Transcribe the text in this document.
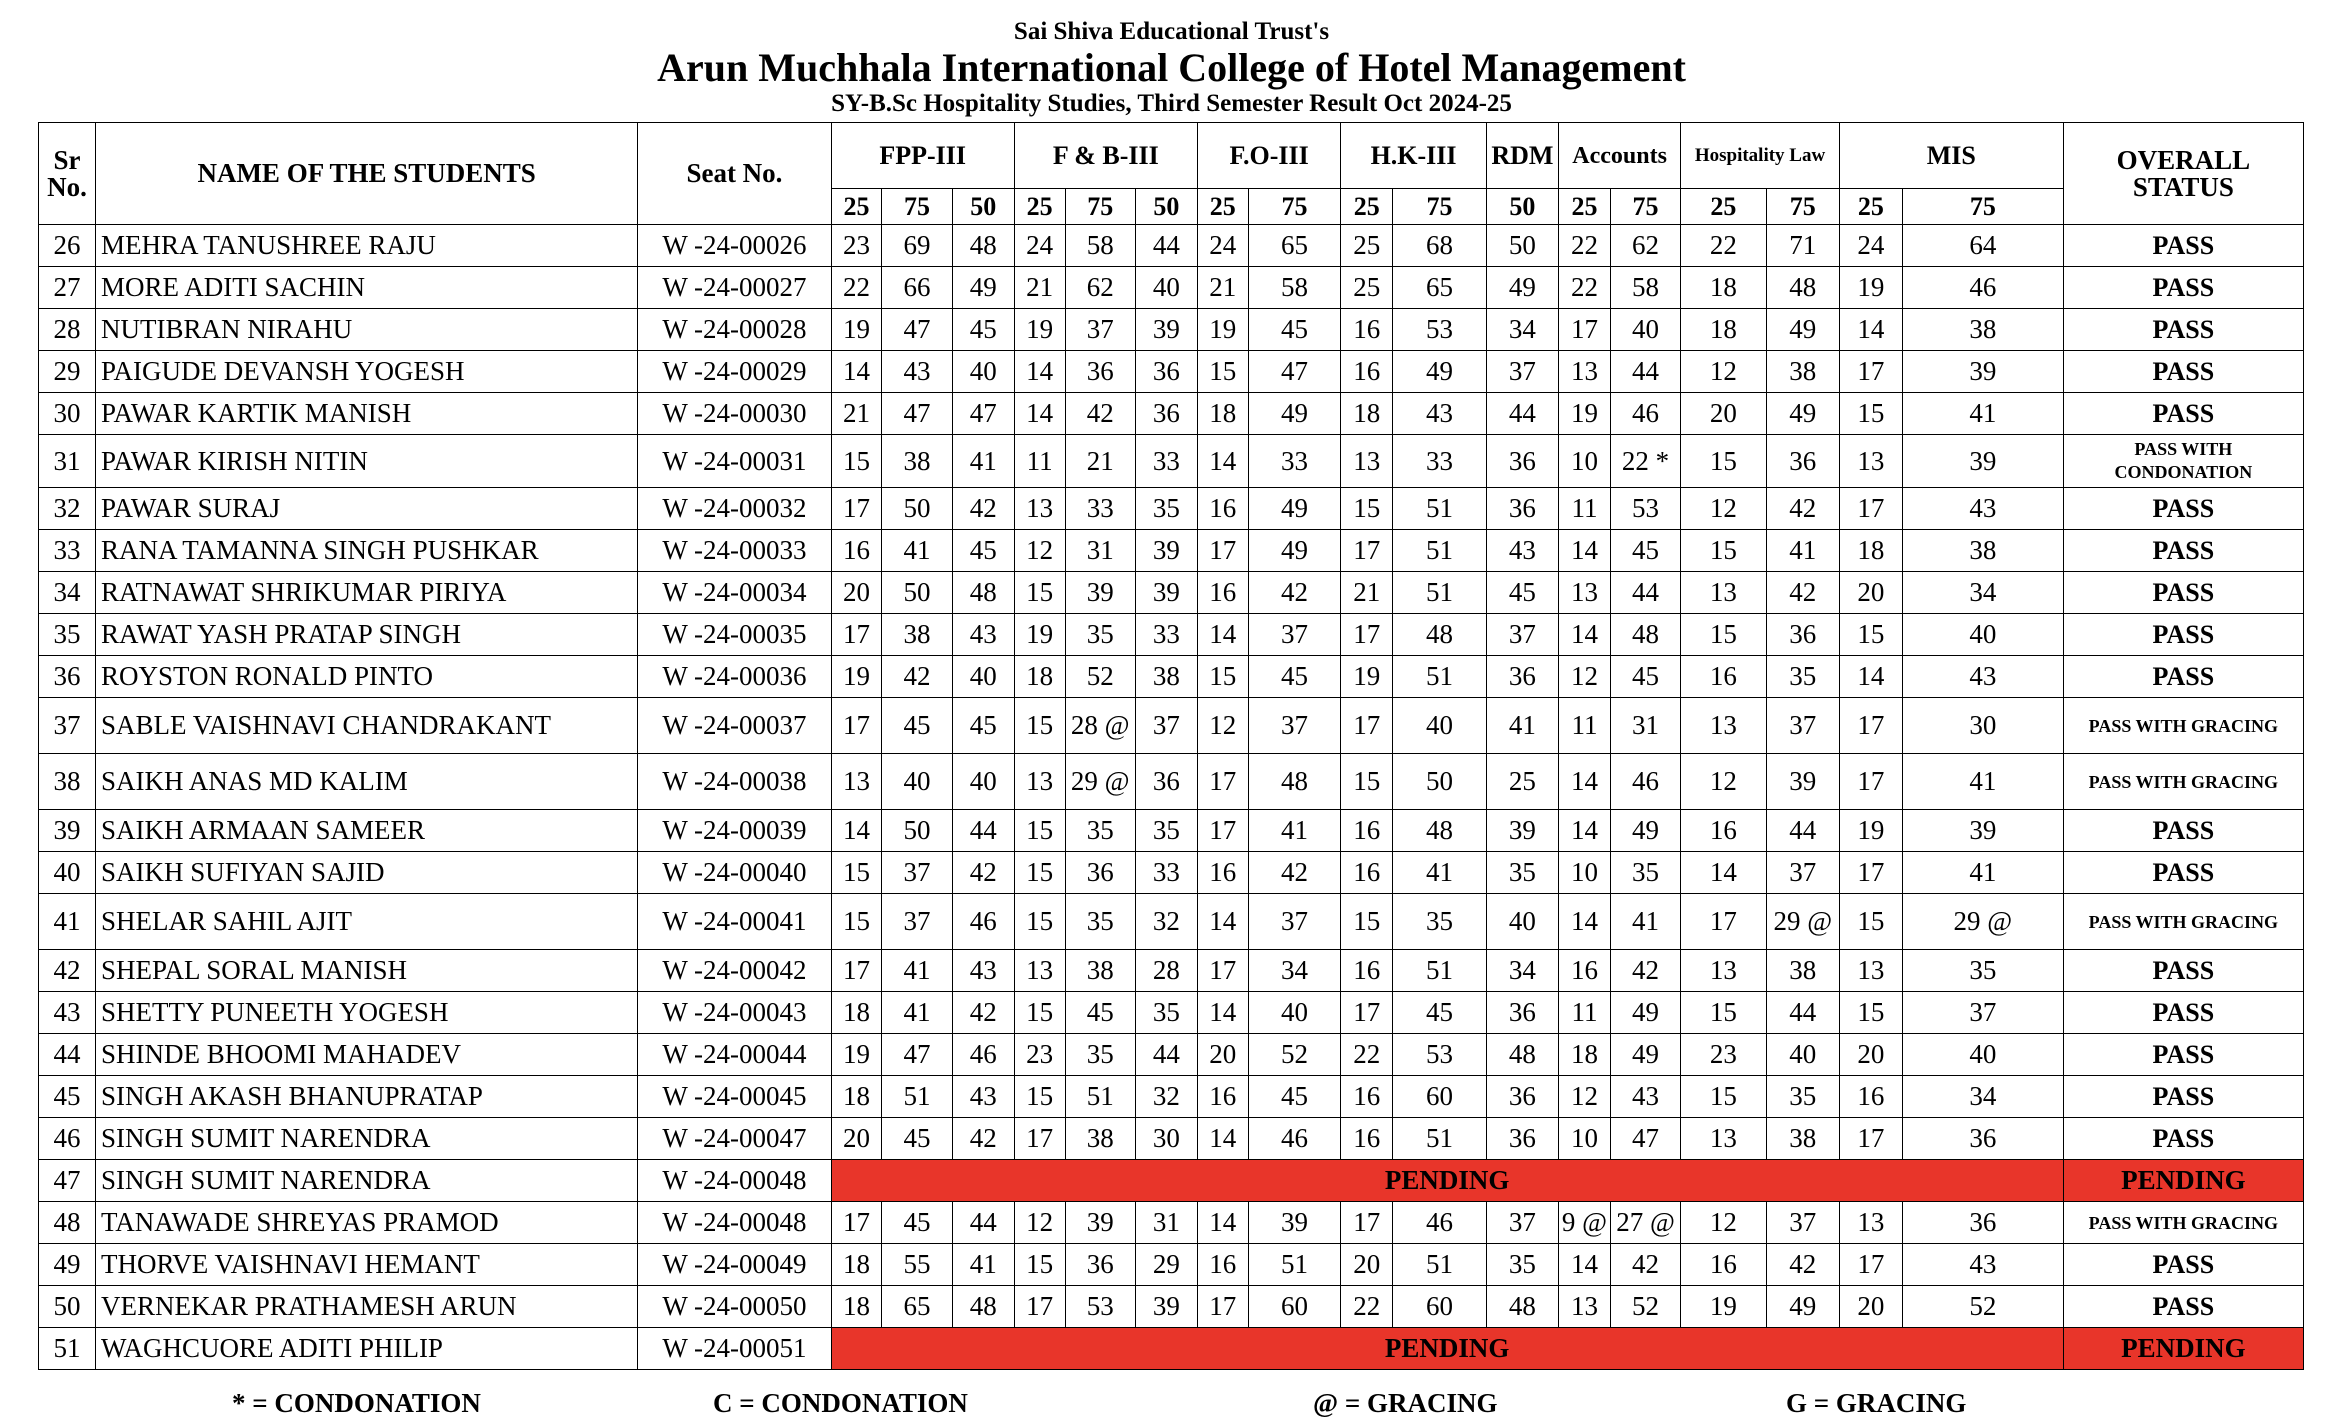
Sai Shiva Educational Trust's
Arun Muchhala International College of Hotel Management
SY-B.Sc Hospitality Studies, Third Semester Result Oct 2024-25
Sr
No.	NAME OF THE STUDENTS	Seat No.	FPP-III			F & B-III			F.O-III		H.K-III		RDM	Accounts		Hospitality Law		MIS		OVERALL
STATUS
			25	75	50	25	75	50	25	75	25	75	50	25	75	25	75	25	75	
26	MEHRA TANUSHREE RAJU	W -24-00026	23	69	48	24	58	44	24	65	25	68	50	22	62	22	71	24	64	PASS
27	MORE ADITI SACHIN	W -24-00027	22	66	49	21	62	40	21	58	25	65	49	22	58	18	48	19	46	PASS
28	NUTIBRAN NIRAHU	W -24-00028	19	47	45	19	37	39	19	45	16	53	34	17	40	18	49	14	38	PASS
29	PAIGUDE DEVANSH YOGESH	W -24-00029	14	43	40	14	36	36	15	47	16	49	37	13	44	12	38	17	39	PASS
30	PAWAR KARTIK MANISH	W -24-00030	21	47	47	14	42	36	18	49	18	43	44	19	46	20	49	15	41	PASS
31	PAWAR KIRISH NITIN	W -24-00031	15	38	41	11	21	33	14	33	13	33	36	10	22 *	15	36	13	39	PASS WITH CONDONATION
32	PAWAR SURAJ	W -24-00032	17	50	42	13	33	35	16	49	15	51	36	11	53	12	42	17	43	PASS
33	RANA TAMANNA SINGH PUSHKAR	W -24-00033	16	41	45	12	31	39	17	49	17	51	43	14	45	15	41	18	38	PASS
34	RATNAWAT SHRIKUMAR PIRIYA	W -24-00034	20	50	48	15	39	39	16	42	21	51	45	13	44	13	42	20	34	PASS
35	RAWAT YASH PRATAP SINGH	W -24-00035	17	38	43	19	35	33	14	37	17	48	37	14	48	15	36	15	40	PASS
36	ROYSTON RONALD PINTO	W -24-00036	19	42	40	18	52	38	15	45	19	51	36	12	45	16	35	14	43	PASS
37	SABLE VAISHNAVI CHANDRAKANT	W -24-00037	17	45	45	15	28 @	37	12	37	17	40	41	11	31	13	37	17	30	PASS WITH GRACING
38	SAIKH ANAS MD KALIM	W -24-00038	13	40	40	13	29 @	36	17	48	15	50	25	14	46	12	39	17	41	PASS WITH GRACING
39	SAIKH ARMAAN SAMEER	W -24-00039	14	50	44	15	35	35	17	41	16	48	39	14	49	16	44	19	39	PASS
40	SAIKH SUFIYAN SAJID	W -24-00040	15	37	42	15	36	33	16	42	16	41	35	10	35	14	37	17	41	PASS
41	SHELAR SAHIL AJIT	W -24-00041	15	37	46	15	35	32	14	37	15	35	40	14	41	17	29 @	15	29 @	PASS WITH GRACING
42	SHEPAL SORAL MANISH	W -24-00042	17	41	43	13	38	28	17	34	16	51	34	16	42	13	38	13	35	PASS
43	SHETTY PUNEETH YOGESH	W -24-00043	18	41	42	15	45	35	14	40	17	45	36	11	49	15	44	15	37	PASS
44	SHINDE BHOOMI MAHADEV	W -24-00044	19	47	46	23	35	44	20	52	22	53	48	18	49	23	40	20	40	PASS
45	SINGH AKASH BHANUPRATAP	W -24-00045	18	51	43	15	51	32	16	45	16	60	36	12	43	15	35	16	34	PASS
46	SINGH SUMIT NARENDRA	W -24-00047	20	45	42	17	38	30	14	46	16	51	36	10	47	13	38	17	36	PASS
47	SINGH SUMIT NARENDRA	W -24-00048	PENDING																	PENDING
48	TANAWADE SHREYAS PRAMOD	W -24-00048	17	45	44	12	39	31	14	39	17	46	37	9 @	27 @	12	37	13	36	PASS WITH GRACING
49	THORVE VAISHNAVI HEMANT	W -24-00049	18	55	41	15	36	29	16	51	20	51	35	14	42	16	42	17	43	PASS
50	VERNEKAR PRATHAMESH ARUN	W -24-00050	18	65	48	17	53	39	17	60	22	60	48	13	52	19	49	20	52	PASS
51	WAGHCUORE ADITI PHILIP	W -24-00051	PENDING																	PENDING
* = CONDONATION	C = CONDONATION	@ = GRACING	G = GRACING
